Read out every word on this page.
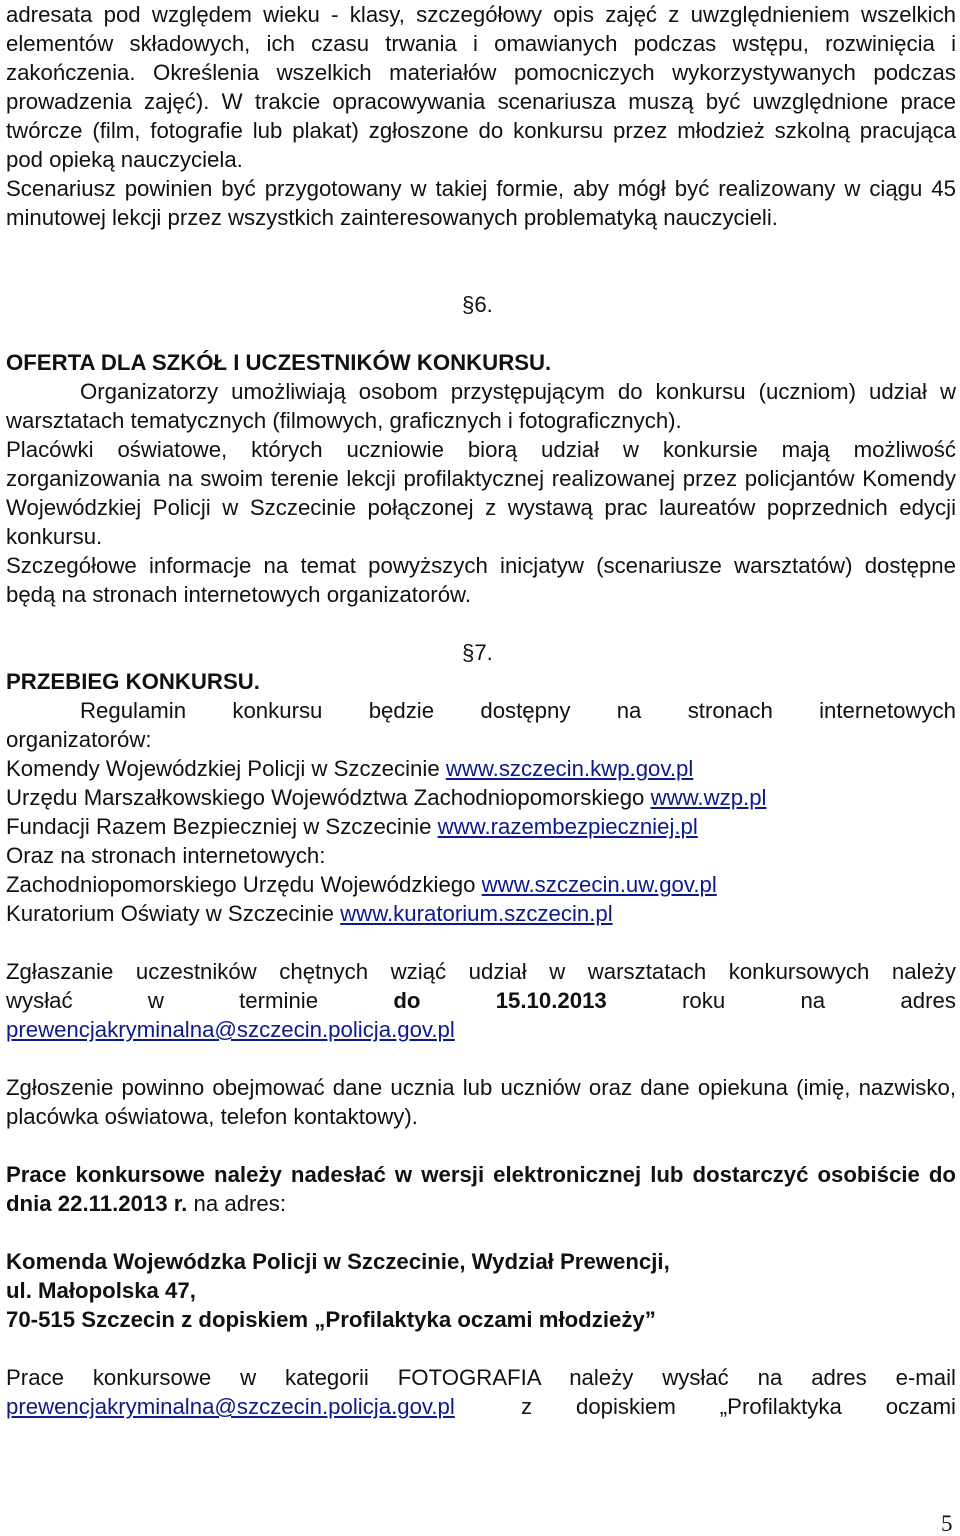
adresata pod względem wieku - klasy, szczegółowy opis zajęć z uwzględnieniem wszelkich elementów składowych, ich czasu trwania i omawianych podczas wstępu, rozwinięcia i zakończenia. Określenia wszelkich materiałów pomocniczych wykorzystywanych podczas prowadzenia zajęć). W trakcie opracowywania scenariusza muszą być uwzględnione prace twórcze (film, fotografie lub plakat) zgłoszone do konkursu przez młodzież szkolną pracująca pod opieką nauczyciela.

Scenariusz powinien być przygotowany w takiej formie, aby mógł być realizowany w ciągu 45 minutowej lekcji przez wszystkich zainteresowanych problematyką nauczycieli.

§6.
OFERTA DLA SZKÓŁ I UCZESTNIKÓW KONKURSU.

Organizatorzy umożliwiają osobom przystępującym do konkursu (uczniom) udział w warsztatach tematycznych (filmowych, graficznych i fotograficznych).

Placówki oświatowe, których uczniowie biorą udział w konkursie mają możliwość zorganizowania na swoim terenie lekcji profilaktycznej realizowanej przez policjantów Komendy Wojewódzkiej Policji w Szczecinie połączonej z wystawą prac laureatów poprzednich edycji konkursu.

Szczegółowe informacje na temat powyższych inicjatyw (scenariusze warsztatów) dostępne będą na stronach internetowych organizatorów.

§7.
PRZEBIEG KONKURSU.
Regulamin konkursu będzie dostępny na stronach internetowych
organizatorów:
Komendy Wojewódzkiej Policji w Szczecinie www.szczecin.kwp.gov.pl
Urzędu Marszałkowskiego Województwa Zachodniopomorskiego www.wzp.pl
Fundacji Razem Bezpieczniej w Szczecinie www.razembezpieczniej.pl
Oraz na stronach internetowych:
Zachodniopomorskiego Urzędu Wojewódzkiego www.szczecin.uw.gov.pl
Kuratorium Oświaty w Szczecinie www.kuratorium.szczecin.pl
Zgłaszanie uczestników chętnych wziąć udział w warsztatach konkursowych należy
wysłać	w	terminie	do	15.10.2013	roku	na	adres
prewencjakryminalna@szczecin.policja.gov.pl

Zgłoszenie powinno obejmować dane ucznia lub uczniów oraz dane opiekuna (imię, nazwisko, placówka oświatowa, telefon kontaktowy).

Prace konkursowe należy nadesłać w wersji elektronicznej lub dostarczyć osobiście do dnia 22.11.2013 r. na adres:

Komenda Wojewódzka Policji w Szczecinie, Wydział Prewencji,
ul. Małopolska 47,
70-515 Szczecin z dopiskiem „Profilaktyka oczami młodzieży”
Prace konkursowe w kategorii FOTOGRAFIA należy wysłać na adres e-mail
prewencjakryminalna@szczecin.policja.gov.pl	z dopiskiem „Profilaktyka oczami
5
